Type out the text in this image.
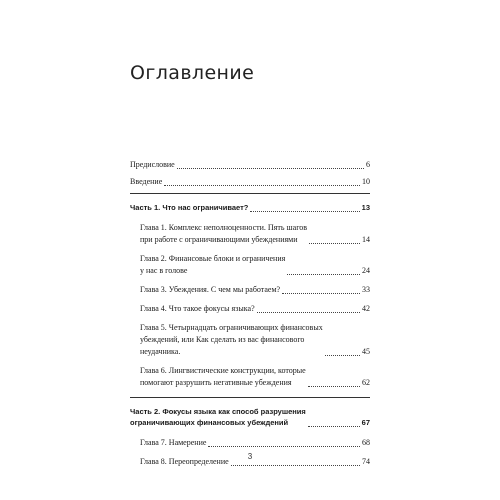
Оглавление
Предисловие	6
Введение	10
Часть 1. Что нас ограничивает?	13
Глава 1. Комплекс неполноценности. Пять шагов
при работе с ограничивающими убеждениями	14
Глава 2. Финансовые блоки и ограничения
у нас в голове	24
Глава 3. Убеждения. С чем мы работаем?	33
Глава 4. Что такое фокусы языка?	42
Глава 5. Четырнадцать ограничивающих финансовых
убеждений, или Как сделать из вас финансового
неудачника.	45
Глава 6. Лингвистические конструкции, которые
помогают разрушить негативные убеждения	62
Часть 2. Фокусы языка как способ разрушения
ограничивающих финансовых убеждений	67
Глава 7. Намерение	68
Глава 8. Переопределение	74
3
